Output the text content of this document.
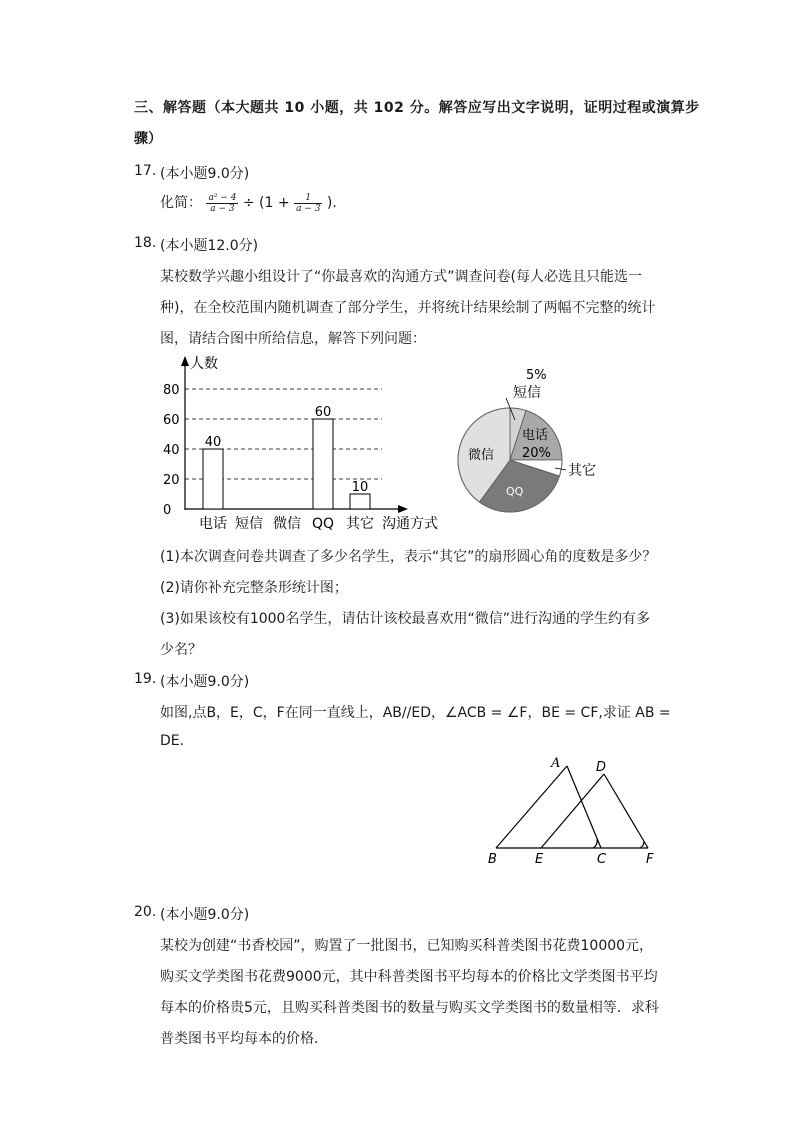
三、解答题（本大题共 10 小题，共 102 分。解答应写出文字说明，证明过程或演算步
骤）
17. (本小题9.0分)
化简： $\frac{\text{a² − 4}}{a - 3} \div (1 + \frac{1}{a - 3}$ ).
18. (本小题12.0分)
某校数学兴趣小组设计了“你最喜欢的沟通方式”调查问卷(每人必选且只能选一
种)，在全校范围内随机调查了部分学生，并将统计结果绘制了两幅不完整的统计
图，请结合图中所给信息，解答下列问题：
人数
沟通方式
0
20
40
60
80
电话
40
短信 微信 QQ
60
其它
10
5%
短信
电话
20%
其它
微信
QQ
(1)本次调查问卷共调查了多少名学生，表示“其它”的扇形圆心角的度数是多少？
(2)请你补充完整条形统计图；
(3)如果该校有1000名学生，请估计该校最喜欢用“微信”进行沟通的学生约有多
少名？
19. (本小题9.0分)
如图,点B，E，C，F在同一直线上，AB//ED，∠ACB = ∠F，BE = CF,求证 AB =
DE.
A	D
B	E	C	F
20. (本小题9.0分)
某校为创建“书香校园”，购置了一批图书，已知购买科普类图书花费10000元，
购买文学类图书花费9000元，其中科普类图书平均每本的价格比文学类图书平均
每本的价格贵5元，且购买科普类图书的数量与购买文学类图书的数量相等．求科
普类图书平均每本的价格．
